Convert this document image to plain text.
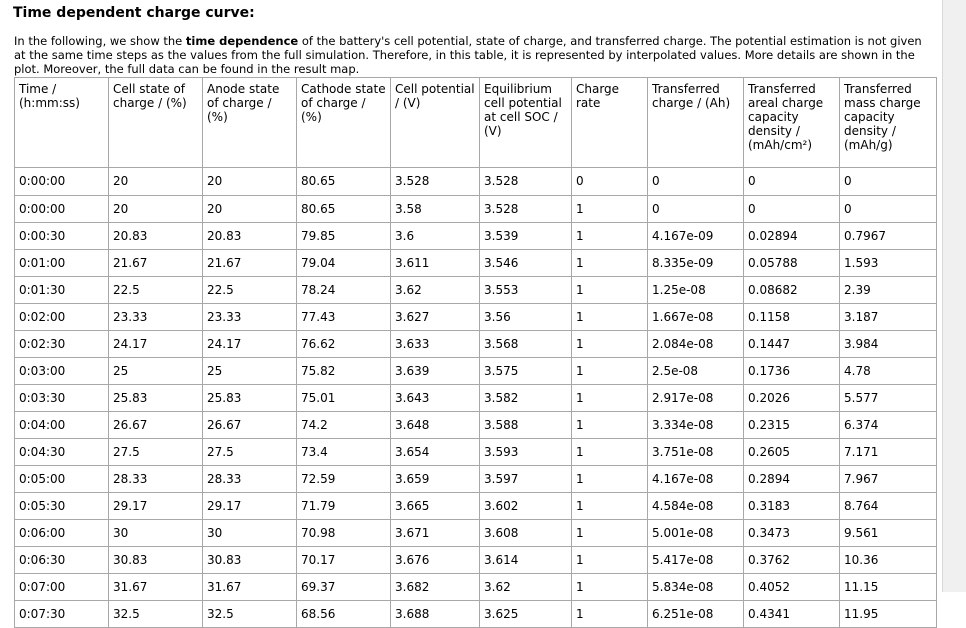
Time dependent charge curve:

In the following, we show the time dependence of the battery's cell potential, state of charge, and transferred charge. The potential estimation is not given at the same time steps as the values from the full simulation. Therefore, in this table, it is represented by interpolated values. More details are shown in the plot. Moreover, the full data can be found in the result map.

Time / (h:mm:ss)	Cell state of charge / (%)	Anode state of charge / (%)	Cathode state of charge / (%)	Cell potential / (V)	Equilibrium cell potential at cell SOC / (V)	Charge rate	Transferred charge / (Ah)	Transferred areal charge capacity density / (mAh/cm²)	Transferred mass charge capacity density / (mAh/g)
0:00:00	20	20	80.65	3.528	3.528	0	0	0	0
0:00:00	20	20	80.65	3.58	3.528	1	0	0	0
0:00:30	20.83	20.83	79.85	3.6	3.539	1	4.167e-09	0.02894	0.7967
0:01:00	21.67	21.67	79.04	3.611	3.546	1	8.335e-09	0.05788	1.593
0:01:30	22.5	22.5	78.24	3.62	3.553	1	1.25e-08	0.08682	2.39
0:02:00	23.33	23.33	77.43	3.627	3.56	1	1.667e-08	0.1158	3.187
0:02:30	24.17	24.17	76.62	3.633	3.568	1	2.084e-08	0.1447	3.984
0:03:00	25	25	75.82	3.639	3.575	1	2.5e-08	0.1736	4.78
0:03:30	25.83	25.83	75.01	3.643	3.582	1	2.917e-08	0.2026	5.577
0:04:00	26.67	26.67	74.2	3.648	3.588	1	3.334e-08	0.2315	6.374
0:04:30	27.5	27.5	73.4	3.654	3.593	1	3.751e-08	0.2605	7.171
0:05:00	28.33	28.33	72.59	3.659	3.597	1	4.167e-08	0.2894	7.967
0:05:30	29.17	29.17	71.79	3.665	3.602	1	4.584e-08	0.3183	8.764
0:06:00	30	30	70.98	3.671	3.608	1	5.001e-08	0.3473	9.561
0:06:30	30.83	30.83	70.17	3.676	3.614	1	5.417e-08	0.3762	10.36
0:07:00	31.67	31.67	69.37	3.682	3.62	1	5.834e-08	0.4052	11.15
0:07:30	32.5	32.5	68.56	3.688	3.625	1	6.251e-08	0.4341	11.95
